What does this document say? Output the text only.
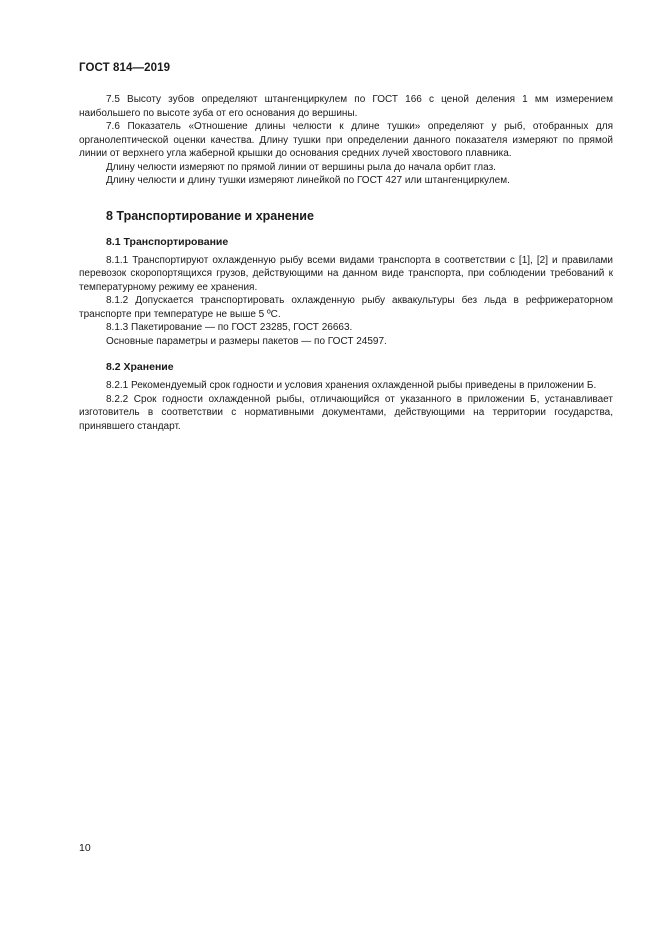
ГОСТ 814—2019

7.5 Высоту зубов определяют штангенциркулем по ГОСТ 166 с ценой деления 1 мм измерением наибольшего по высоте зуба от его основания до вершины.

7.6 Показатель «Отношение длины челюсти к длине тушки» определяют у рыб, отобранных для органолептической оценки качества. Длину тушки при определении данного показателя измеряют по прямой линии от верхнего угла жаберной крышки до основания средних лучей хвостового плавника.

Длину челюсти измеряют по прямой линии от вершины рыла до начала орбит глаз.

Длину челюсти и длину тушки измеряют линейкой по ГОСТ 427 или штангенциркулем.

8 Транспортирование и хранение
8.1 Транспортирование

8.1.1 Транспортируют охлажденную рыбу всеми видами транспорта в соответствии с [1], [2] и правилами перевозок скоропортящихся грузов, действующими на данном виде транспорта, при соблюдении требований к температурному режиму ее хранения.

8.1.2 Допускается транспортировать охлажденную рыбу аквакультуры без льда в рефрижераторном транспорте при температуре не выше 5 ºС.

8.1.3 Пакетирование — по ГОСТ 23285, ГОСТ 26663.

Основные параметры и размеры пакетов — по ГОСТ 24597.

8.2 Хранение

8.2.1 Рекомендуемый срок годности и условия хранения охлажденной рыбы приведены в приложении Б.

8.2.2 Срок годности охлажденной рыбы, отличающийся от указанного в приложении Б, устанавливает изготовитель в соответствии с нормативными документами, действующими на территории государства, принявшего стандарт.

10
